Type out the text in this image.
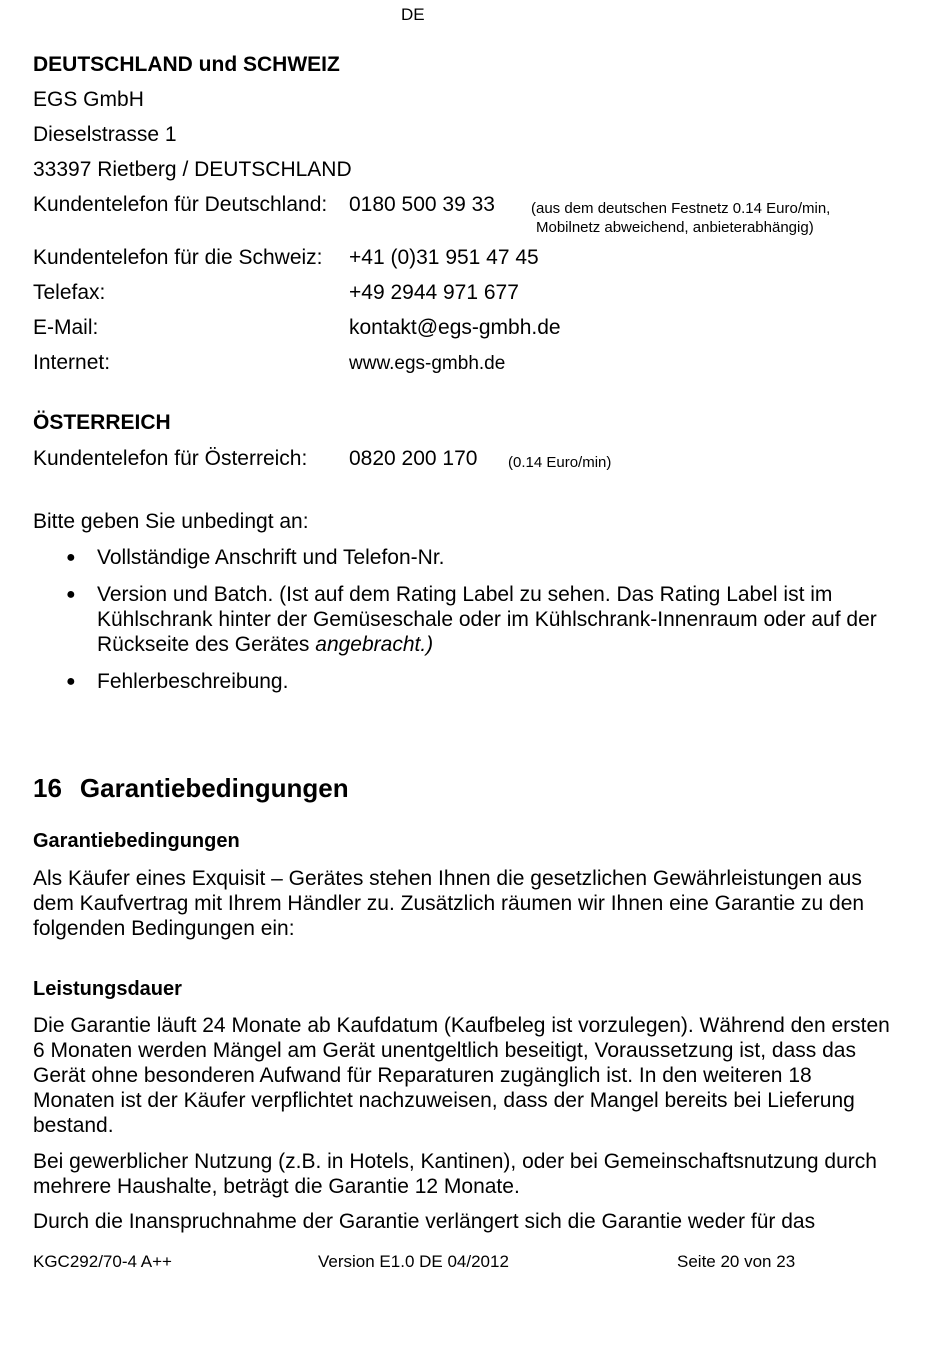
DE
DEUTSCHLAND und SCHWEIZ
EGS GmbH
Dieselstrasse 1
33397 Rietberg / DEUTSCHLAND
Kundentelefon für Deutschland: 0180 500 39 33 (aus dem deutschen Festnetz 0.14 Euro/min,
Mobilnetz abweichend, anbieterabhängig)
Kundentelefon für die Schweiz: +41 (0)31 951 47 45
Telefax:	+49 2944 971 677
E-Mail:	kontakt@egs-gmbh.de
Internet:	www.egs-gmbh.de
ÖSTERREICH
Kundentelefon für Österreich: 0820 200 170 (0.14 Euro/min)
Bitte geben Sie unbedingt an:
● Vollständige Anschrift und Telefon-Nr.
● Version und Batch. (Ist auf dem Rating Label zu sehen. Das Rating Label ist im Kühlschrank hinter der Gemüseschale oder im Kühlschrank-Innenraum oder auf der Rückseite des Gerätes angebracht.)
● Fehlerbeschreibung.
16 Garantiebedingungen
Garantiebedingungen
Als Käufer eines Exquisit – Gerätes stehen Ihnen die gesetzlichen Gewährleistungen aus dem Kaufvertrag mit Ihrem Händler zu. Zusätzlich räumen wir Ihnen eine Garantie zu den folgenden Bedingungen ein:
Leistungsdauer
Die Garantie läuft 24 Monate ab Kaufdatum (Kaufbeleg ist vorzulegen). Während den ersten 6 Monaten werden Mängel am Gerät unentgeltlich beseitigt, Voraussetzung ist, dass das Gerät ohne besonderen Aufwand für Reparaturen zugänglich ist. In den weiteren 18 Monaten ist der Käufer verpflichtet nachzuweisen, dass der Mangel bereits bei Lieferung bestand.
Bei gewerblicher Nutzung (z.B. in Hotels, Kantinen), oder bei Gemeinschaftsnutzung durch mehrere Haushalte, beträgt die Garantie 12 Monate.
Durch die Inanspruchnahme der Garantie verlängert sich die Garantie weder für das
KGC292/70-4 A++	Version E1.0 DE 04/2012	Seite 20 von 23
